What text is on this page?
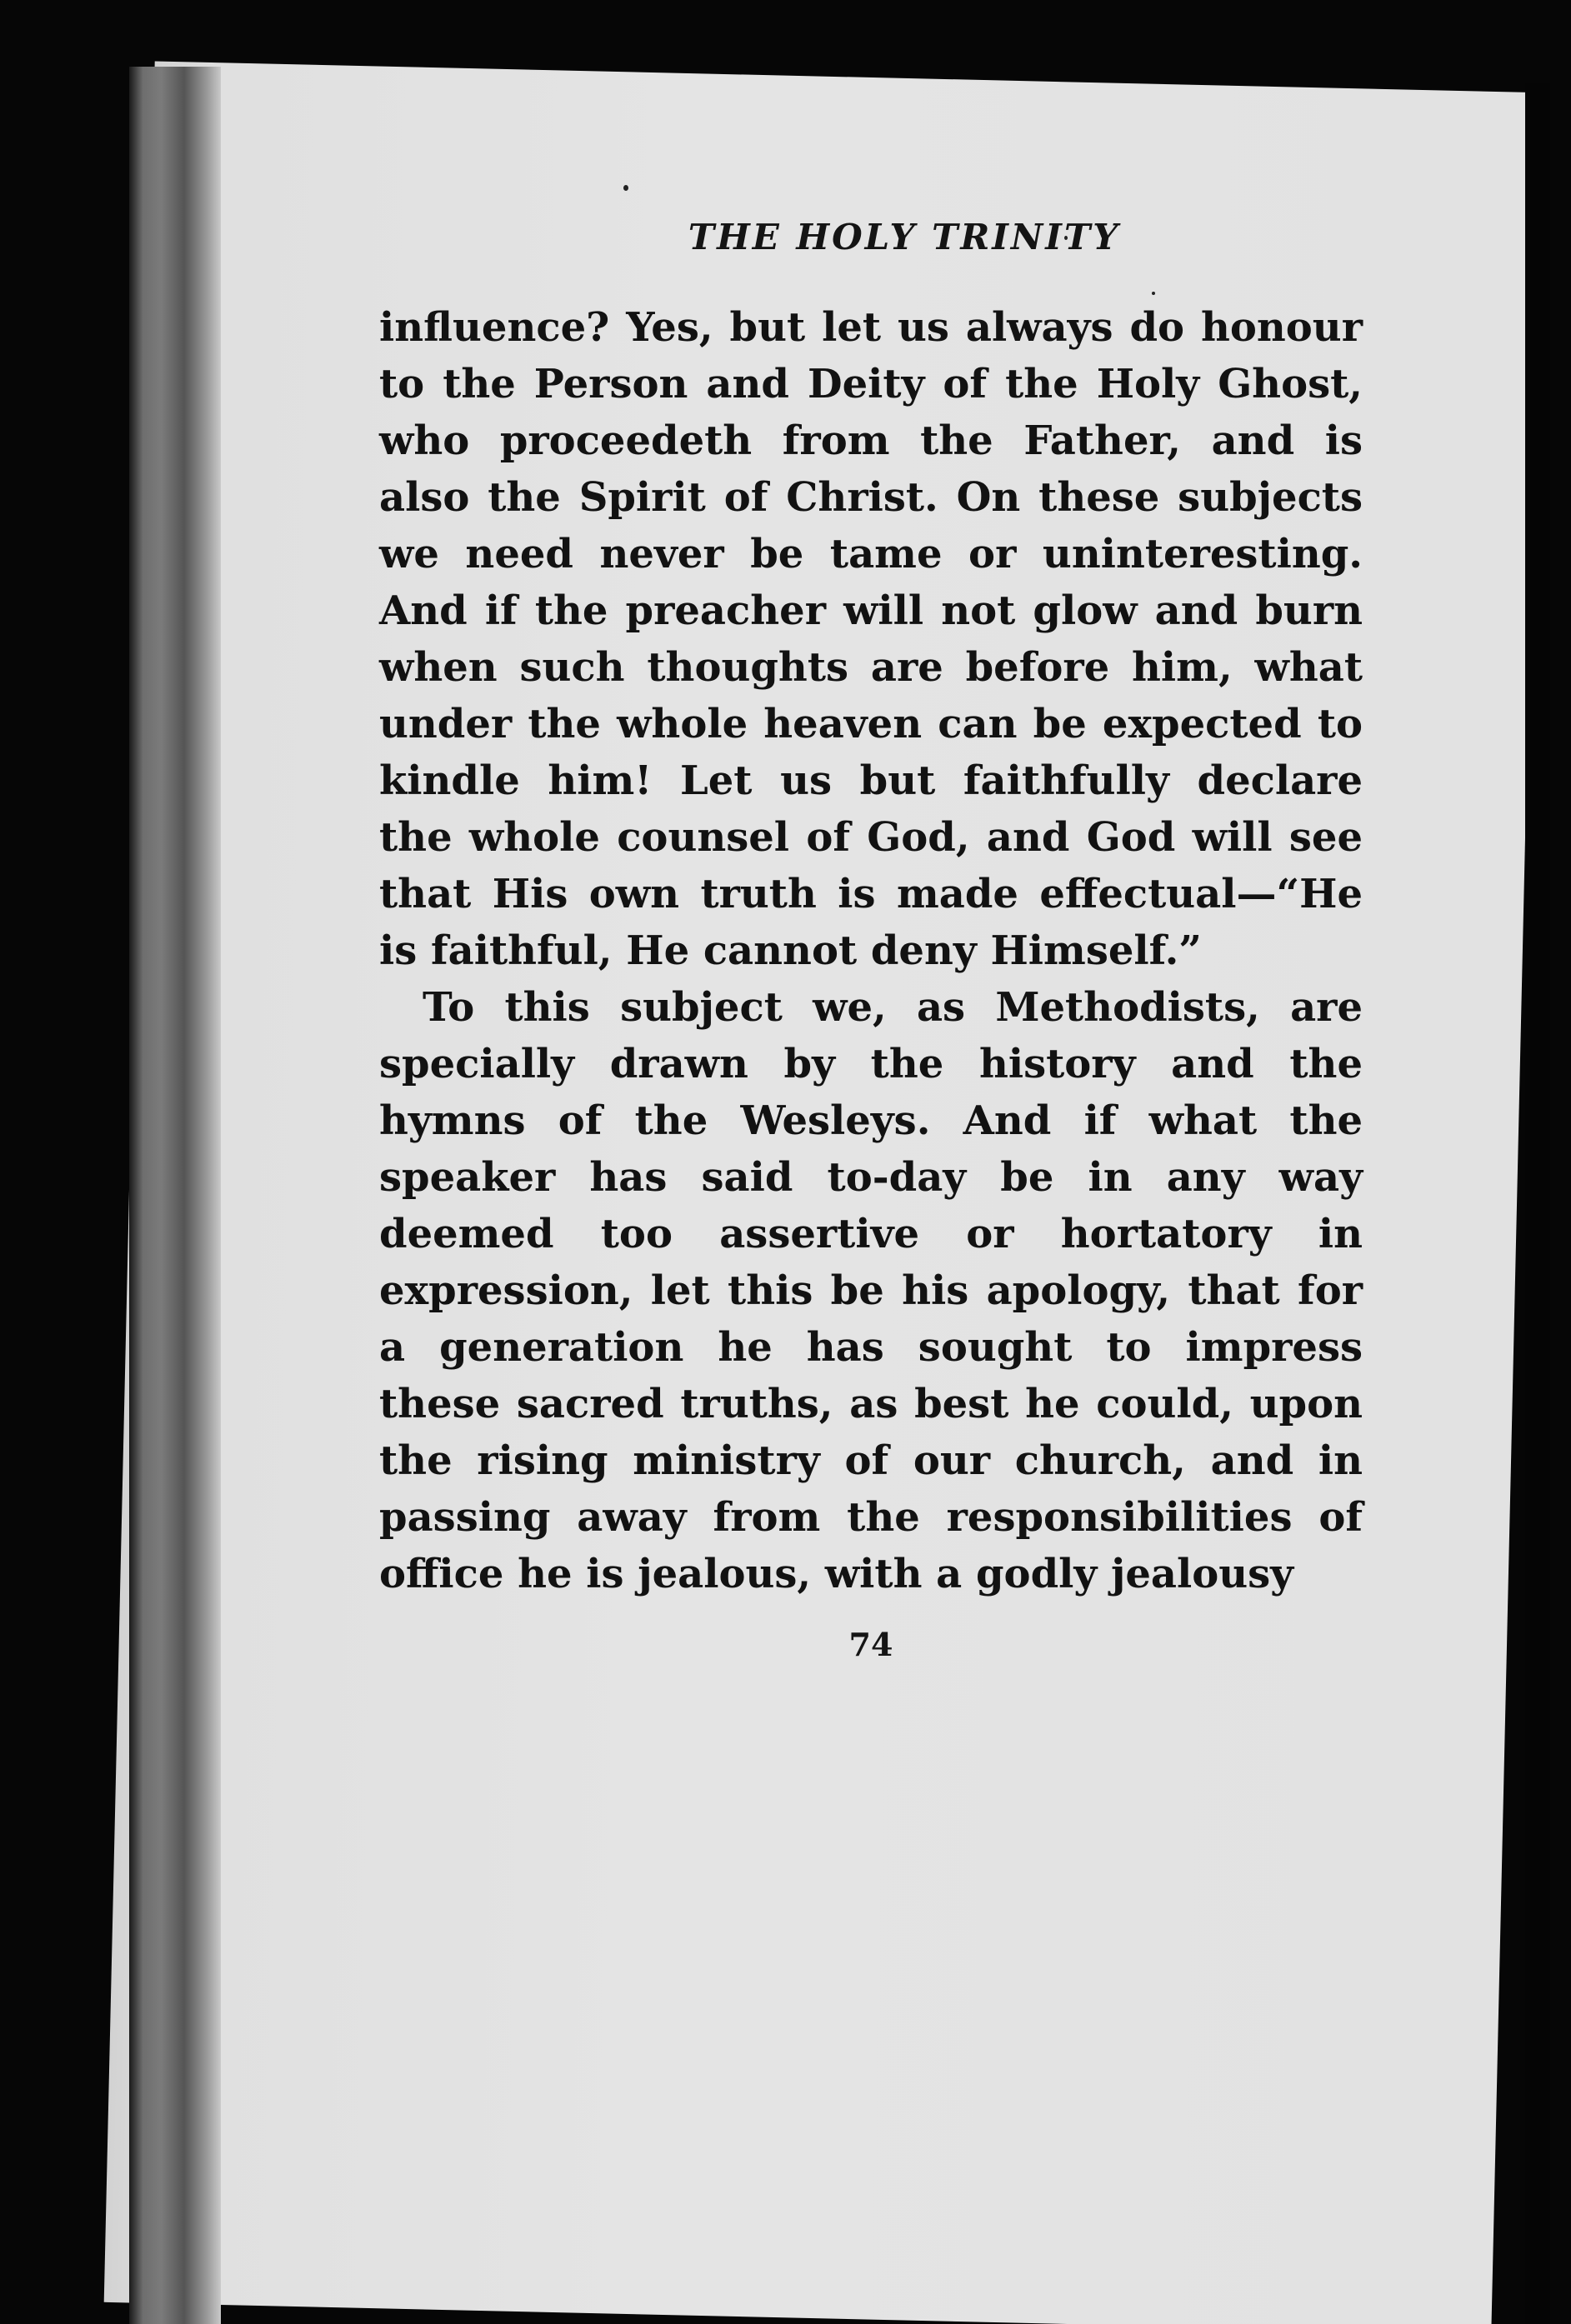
THE HOLY TRINITY

influence? Yes, but let us always do honour to the Person and Deity of the Holy Ghost, who proceedeth from the Father, and is also the Spirit of Christ. On these subjects we need never be tame or uninteresting. And if the preacher will not glow and burn when such thoughts are before him, what under the whole heaven can be expected to kindle him! Let us but faithfully declare the whole counsel of God, and God will see that His own truth is made effectual—“He is faithful, He cannot deny Himself.”

To this subject we, as Methodists, are specially drawn by the history and the hymns of the Wesleys. And if what the speaker has said to-day be in any way deemed too assertive or hortatory in expression, let this be his apology, that for a generation he has sought to impress these sacred truths, as best he could, upon the rising ministry of our church, and in passing away from the responsibilities of office he is jealous, with a godly jealousy

74
